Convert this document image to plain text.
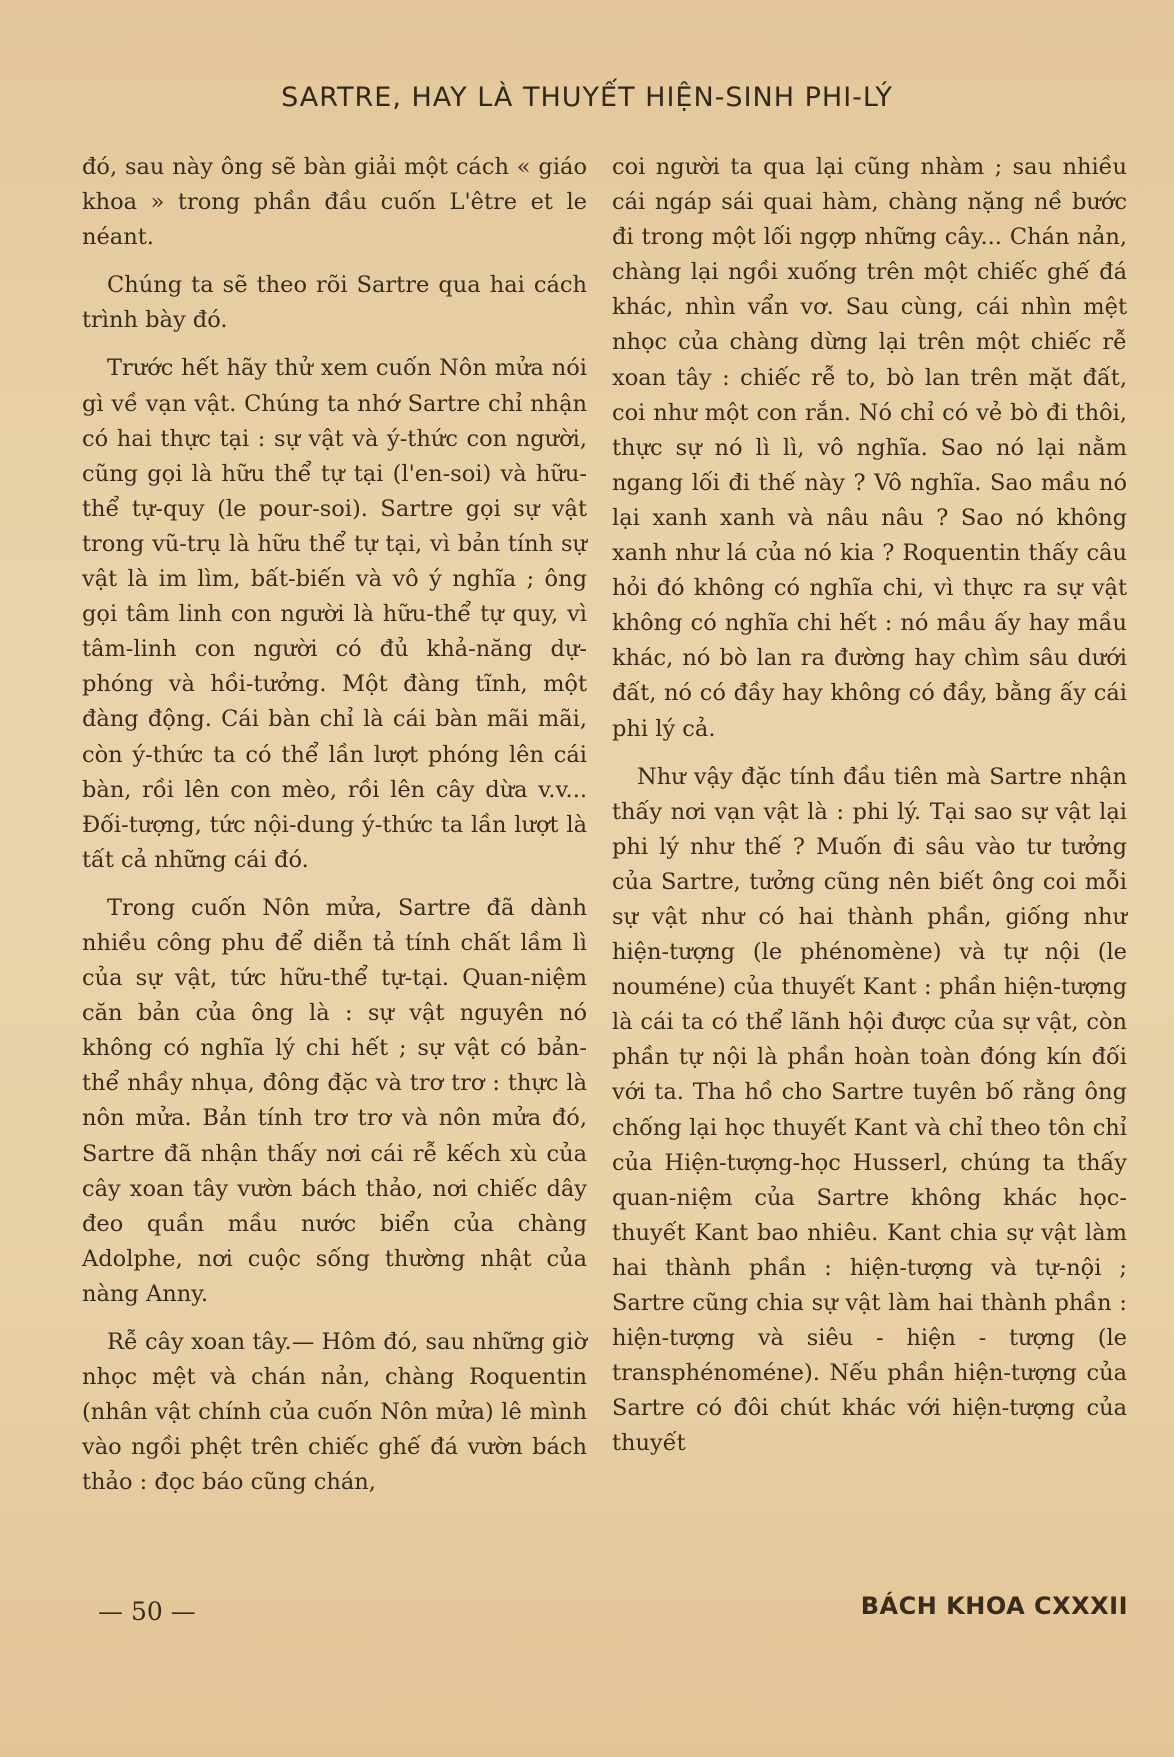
SARTRE, HAY LÀ THUYẾT HIỆN-SINH PHI-LÝ

đó, sau này ông sẽ bàn giải một cách « giáo khoa » trong phần đầu cuốn L'être et le néant.

Chúng ta sẽ theo rõi Sartre qua hai cách trình bày đó.

Trước hết hãy thử xem cuốn Nôn mửa nói gì về vạn vật. Chúng ta nhớ Sartre chỉ nhận có hai thực tại : sự vật và ý-thức con người, cũng gọi là hữu thể tự tại (l'en-soi) và hữu-thể tự-quy (le pour-soi). Sartre gọi sự vật trong vũ-trụ là hữu thể tự tại, vì bản tính sự vật là im lìm, bất-biến và vô ý nghĩa ; ông gọi tâm linh con người là hữu-thể tự quy, vì tâm-linh con người có đủ khả-năng dự-phóng và hồi-tưởng. Một đàng tĩnh, một đàng động. Cái bàn chỉ là cái bàn mãi mãi, còn ý-thức ta có thể lần lượt phóng lên cái bàn, rồi lên con mèo, rồi lên cây dừa v.v... Đối-tượng, tức nội-dung ý-thức ta lần lượt là tất cả những cái đó.

Trong cuốn Nôn mửa, Sartre đã dành nhiều công phu để diễn tả tính chất lầm lì của sự vật, tức hữu-thể tự-tại. Quan-niệm căn bản của ông là : sự vật nguyên nó không có nghĩa lý chi hết ; sự vật có bản-thể nhầy nhụa, đông đặc và trơ trơ : thực là nôn mửa. Bản tính trơ trơ và nôn mửa đó, Sartre đã nhận thấy nơi cái rễ kếch xù của cây xoan tây vườn bách thảo, nơi chiếc dây đeo quần mầu nước biển của chàng Adolphe, nơi cuộc sống thường nhật của nàng Anny.

Rễ cây xoan tây.— Hôm đó, sau những giờ nhọc mệt và chán nản, chàng Roquentin (nhân vật chính của cuốn Nôn mửa) lê mình vào ngồi phệt trên chiếc ghế đá vườn bách thảo : đọc báo cũng chán,

coi người ta qua lại cũng nhàm ; sau nhiều cái ngáp sái quai hàm, chàng nặng nề bước đi trong một lối ngợp những cây... Chán nản, chàng lại ngồi xuống trên một chiếc ghế đá khác, nhìn vẩn vơ. Sau cùng, cái nhìn mệt nhọc của chàng dừng lại trên một chiếc rễ xoan tây : chiếc rễ to, bò lan trên mặt đất, coi như một con rắn. Nó chỉ có vẻ bò đi thôi, thực sự nó lì lì, vô nghĩa. Sao nó lại nằm ngang lối đi thế này ? Vô nghĩa. Sao mầu nó lại xanh xanh và nâu nâu ? Sao nó không xanh như lá của nó kia ? Roquentin thấy câu hỏi đó không có nghĩa chi, vì thực ra sự vật không có nghĩa chi hết : nó mầu ấy hay mầu khác, nó bò lan ra đường hay chìm sâu dưới đất, nó có đầy hay không có đầy, bằng ấy cái phi lý cả.

Như vậy đặc tính đầu tiên mà Sartre nhận thấy nơi vạn vật là : phi lý. Tại sao sự vật lại phi lý như thế ? Muốn đi sâu vào tư tưởng của Sartre, tưởng cũng nên biết ông coi mỗi sự vật như có hai thành phần, giống như hiện-tượng (le phénomène) và tự nội (le nouméne) của thuyết Kant : phần hiện-tượng là cái ta có thể lãnh hội được của sự vật, còn phần tự nội là phần hoàn toàn đóng kín đối với ta. Tha hồ cho Sartre tuyên bố rằng ông chống lại học thuyết Kant và chỉ theo tôn chỉ của Hiện-tượng-học Husserl, chúng ta thấy quan-niệm của Sartre không khác học-thuyết Kant bao nhiêu. Kant chia sự vật làm hai thành phần : hiện-tượng và tự-nội ; Sartre cũng chia sự vật làm hai thành phần : hiện-tượng và siêu - hiện - tượng (le transphénoméne). Nếu phần hiện-tượng của Sartre có đôi chút khác với hiện-tượng của thuyết

— 50 —	BÁCH KHOA CXXXII
